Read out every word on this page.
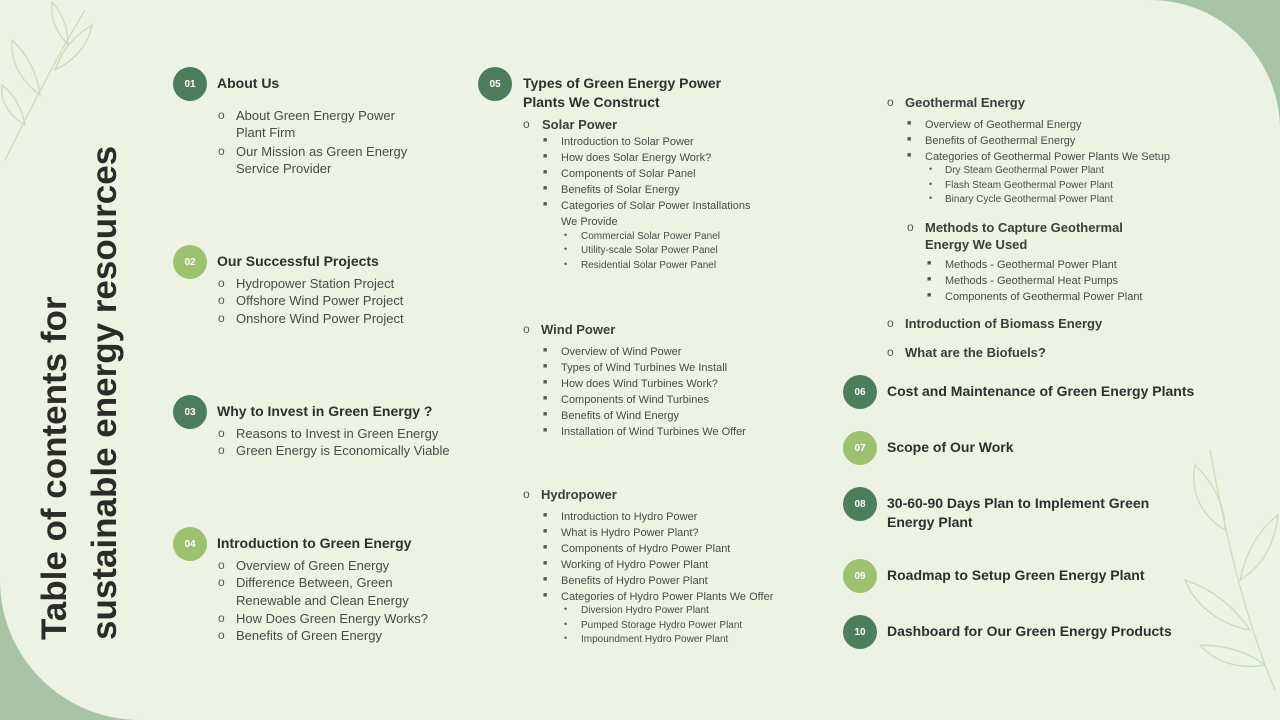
Table of contents for sustainable energy resources
01	About Us
o About Green Energy Power
Plant Firm
o Our Mission as Green Energy
Service Provider
02	Our Successful Projects
o Hydropower Station Project
o Offshore Wind Power Project
o Onshore Wind Power Project
03	Why to Invest in Green Energy ?
o Reasons to Invest in Green Energy
o Green Energy is Economically Viable
04	Introduction to Green Energy
o Overview of Green Energy
o Difference Between, Green
Renewable and Clean Energy
o How Does Green Energy Works?
o Benefits of Green Energy
05	Types of Green Energy Power
Plants We Construct
o Solar Power
■ Introduction to Solar Power
■ How does Solar Energy Work?
■ Components of Solar Panel
■ Benefits of Solar Energy
■ Categories of Solar Power Installations
We Provide
• Commercial Solar Power Panel
• Utility-scale Solar Power Panel
• Residential Solar Power Panel
o Wind Power
■ Overview of Wind Power
■ Types of Wind Turbines We Install
■ How does Wind Turbines Work?
■ Components of Wind Turbines
■ Benefits of Wind Energy
■ Installation of Wind Turbines We Offer
o Hydropower
■ Introduction to Hydro Power
■ What is Hydro Power Plant?
■ Components of Hydro Power Plant
■ Working of Hydro Power Plant
■ Benefits of Hydro Power Plant
■ Categories of Hydro Power Plants We Offer
• Diversion Hydro Power Plant
• Pumped Storage Hydro Power Plant
• Impoundment Hydro Power Plant
o Geothermal Energy
■ Overview of Geothermal Energy
■ Benefits of Geothermal Energy
■ Categories of Geothermal Power Plants We Setup
• Dry Steam Geothermal Power Plant
• Flash Steam Geothermal Power Plant
• Binary Cycle Geothermal Power Plant
o Methods to Capture Geothermal
Energy We Used
■ Methods - Geothermal Power Plant
■ Methods - Geothermal Heat Pumps
■ Components of Geothermal Power Plant
o Introduction of Biomass Energy
o What are the Biofuels?
06	Cost and Maintenance of Green Energy Plants
07	Scope of Our Work
08	30-60-90 Days Plan to Implement Green
Energy Plant
09	Roadmap to Setup Green Energy Plant
10	Dashboard for Our Green Energy Products
